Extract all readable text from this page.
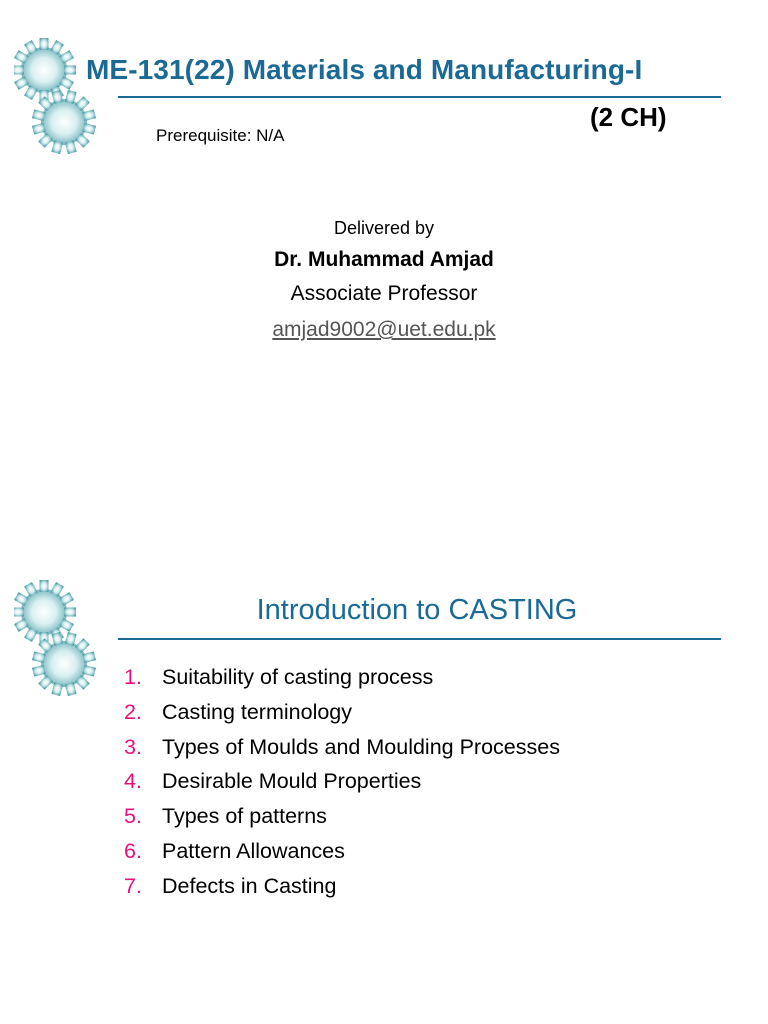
ME-131(22) Materials and Manufacturing-I
(2 CH)
Prerequisite: N/A
Delivered by
Dr. Muhammad Amjad
Associate Professor
amjad9002@uet.edu.pk
Introduction to CASTING
1. Suitability of casting process
2. Casting terminology
3. Types of Moulds and Moulding Processes
4. Desirable Mould Properties
5. Types of patterns
6. Pattern Allowances
7. Defects in Casting
